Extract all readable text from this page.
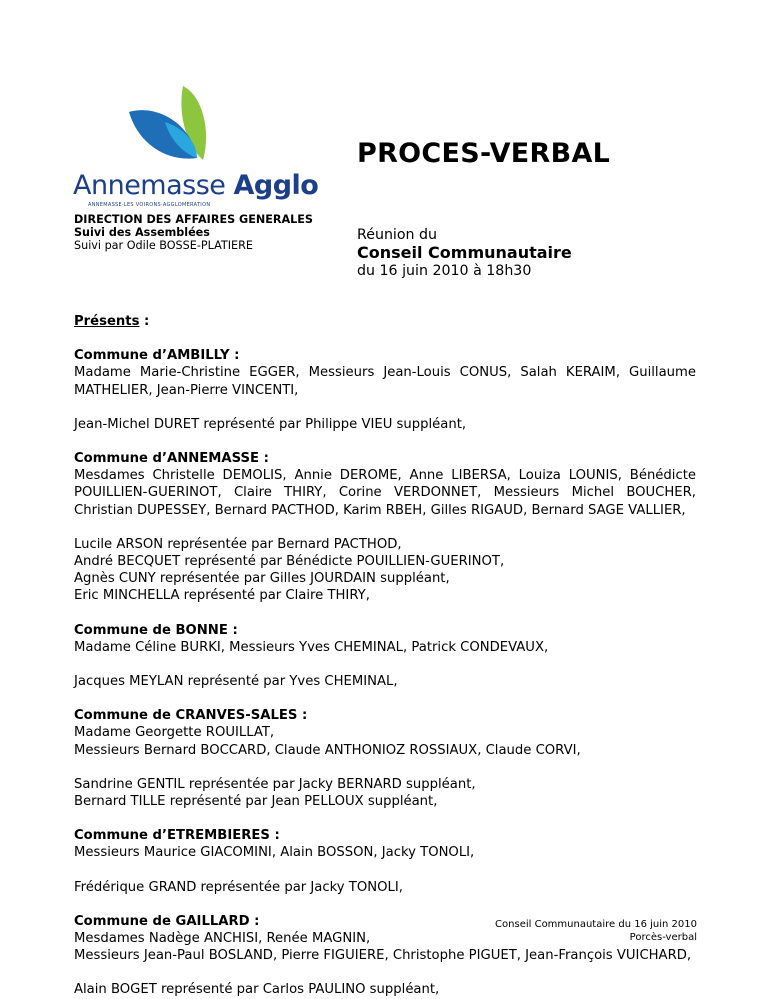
Annemasse Agglo
ANNEMASSE·LES VOIRONS·AGGLOMERATION
PROCES-VERBAL
DIRECTION DES AFFAIRES GENERALES
Suivi des Assemblées
Suivi par Odile BOSSE-PLATIERE
Réunion du
Conseil Communautaire
du 16 juin 2010 à 18h30

Présents :

Commune d’AMBILLY :
Madame Marie-Christine EGGER, Messieurs Jean-Louis CONUS, Salah KERAIM, Guillaume MATHELIER, Jean-Pierre VINCENTI,
Jean-Michel DURET représenté par Philippe VIEU suppléant,
Commune d’ANNEMASSE :
Mesdames Christelle DEMOLIS, Annie DEROME, Anne LIBERSA, Louiza LOUNIS, Bénédicte POUILLIEN-GUERINOT, Claire THIRY, Corine VERDONNET, Messieurs Michel BOUCHER, Christian DUPESSEY, Bernard PACTHOD, Karim RBEH, Gilles RIGAUD, Bernard SAGE VALLIER,
Lucile ARSON représentée par Bernard PACTHOD,
André BECQUET représenté par Bénédicte POUILLIEN-GUERINOT,
Agnès CUNY représentée par Gilles JOURDAIN suppléant,
Eric MINCHELLA représenté par Claire THIRY,
Commune de BONNE :
Madame Céline BURKI, Messieurs Yves CHEMINAL, Patrick CONDEVAUX,
Jacques MEYLAN représenté par Yves CHEMINAL,
Commune de CRANVES-SALES :
Madame Georgette ROUILLAT,
Messieurs Bernard BOCCARD, Claude ANTHONIOZ ROSSIAUX, Claude CORVI,
Sandrine GENTIL représentée par Jacky BERNARD suppléant,
Bernard TILLE représenté par Jean PELLOUX suppléant,
Commune d’ETREMBIERES :
Messieurs Maurice GIACOMINI, Alain BOSSON, Jacky TONOLI,
Frédérique GRAND représentée par Jacky TONOLI,
Commune de GAILLARD :
Mesdames Nadège ANCHISI, Renée MAGNIN,
Messieurs Jean-Paul BOSLAND, Pierre FIGUIERE, Christophe PIGUET, Jean-François VUICHARD,
Alain BOGET représenté par Carlos PAULINO suppléant,
Conseil Communautaire du 16 juin 2010
Porcès-verbal
